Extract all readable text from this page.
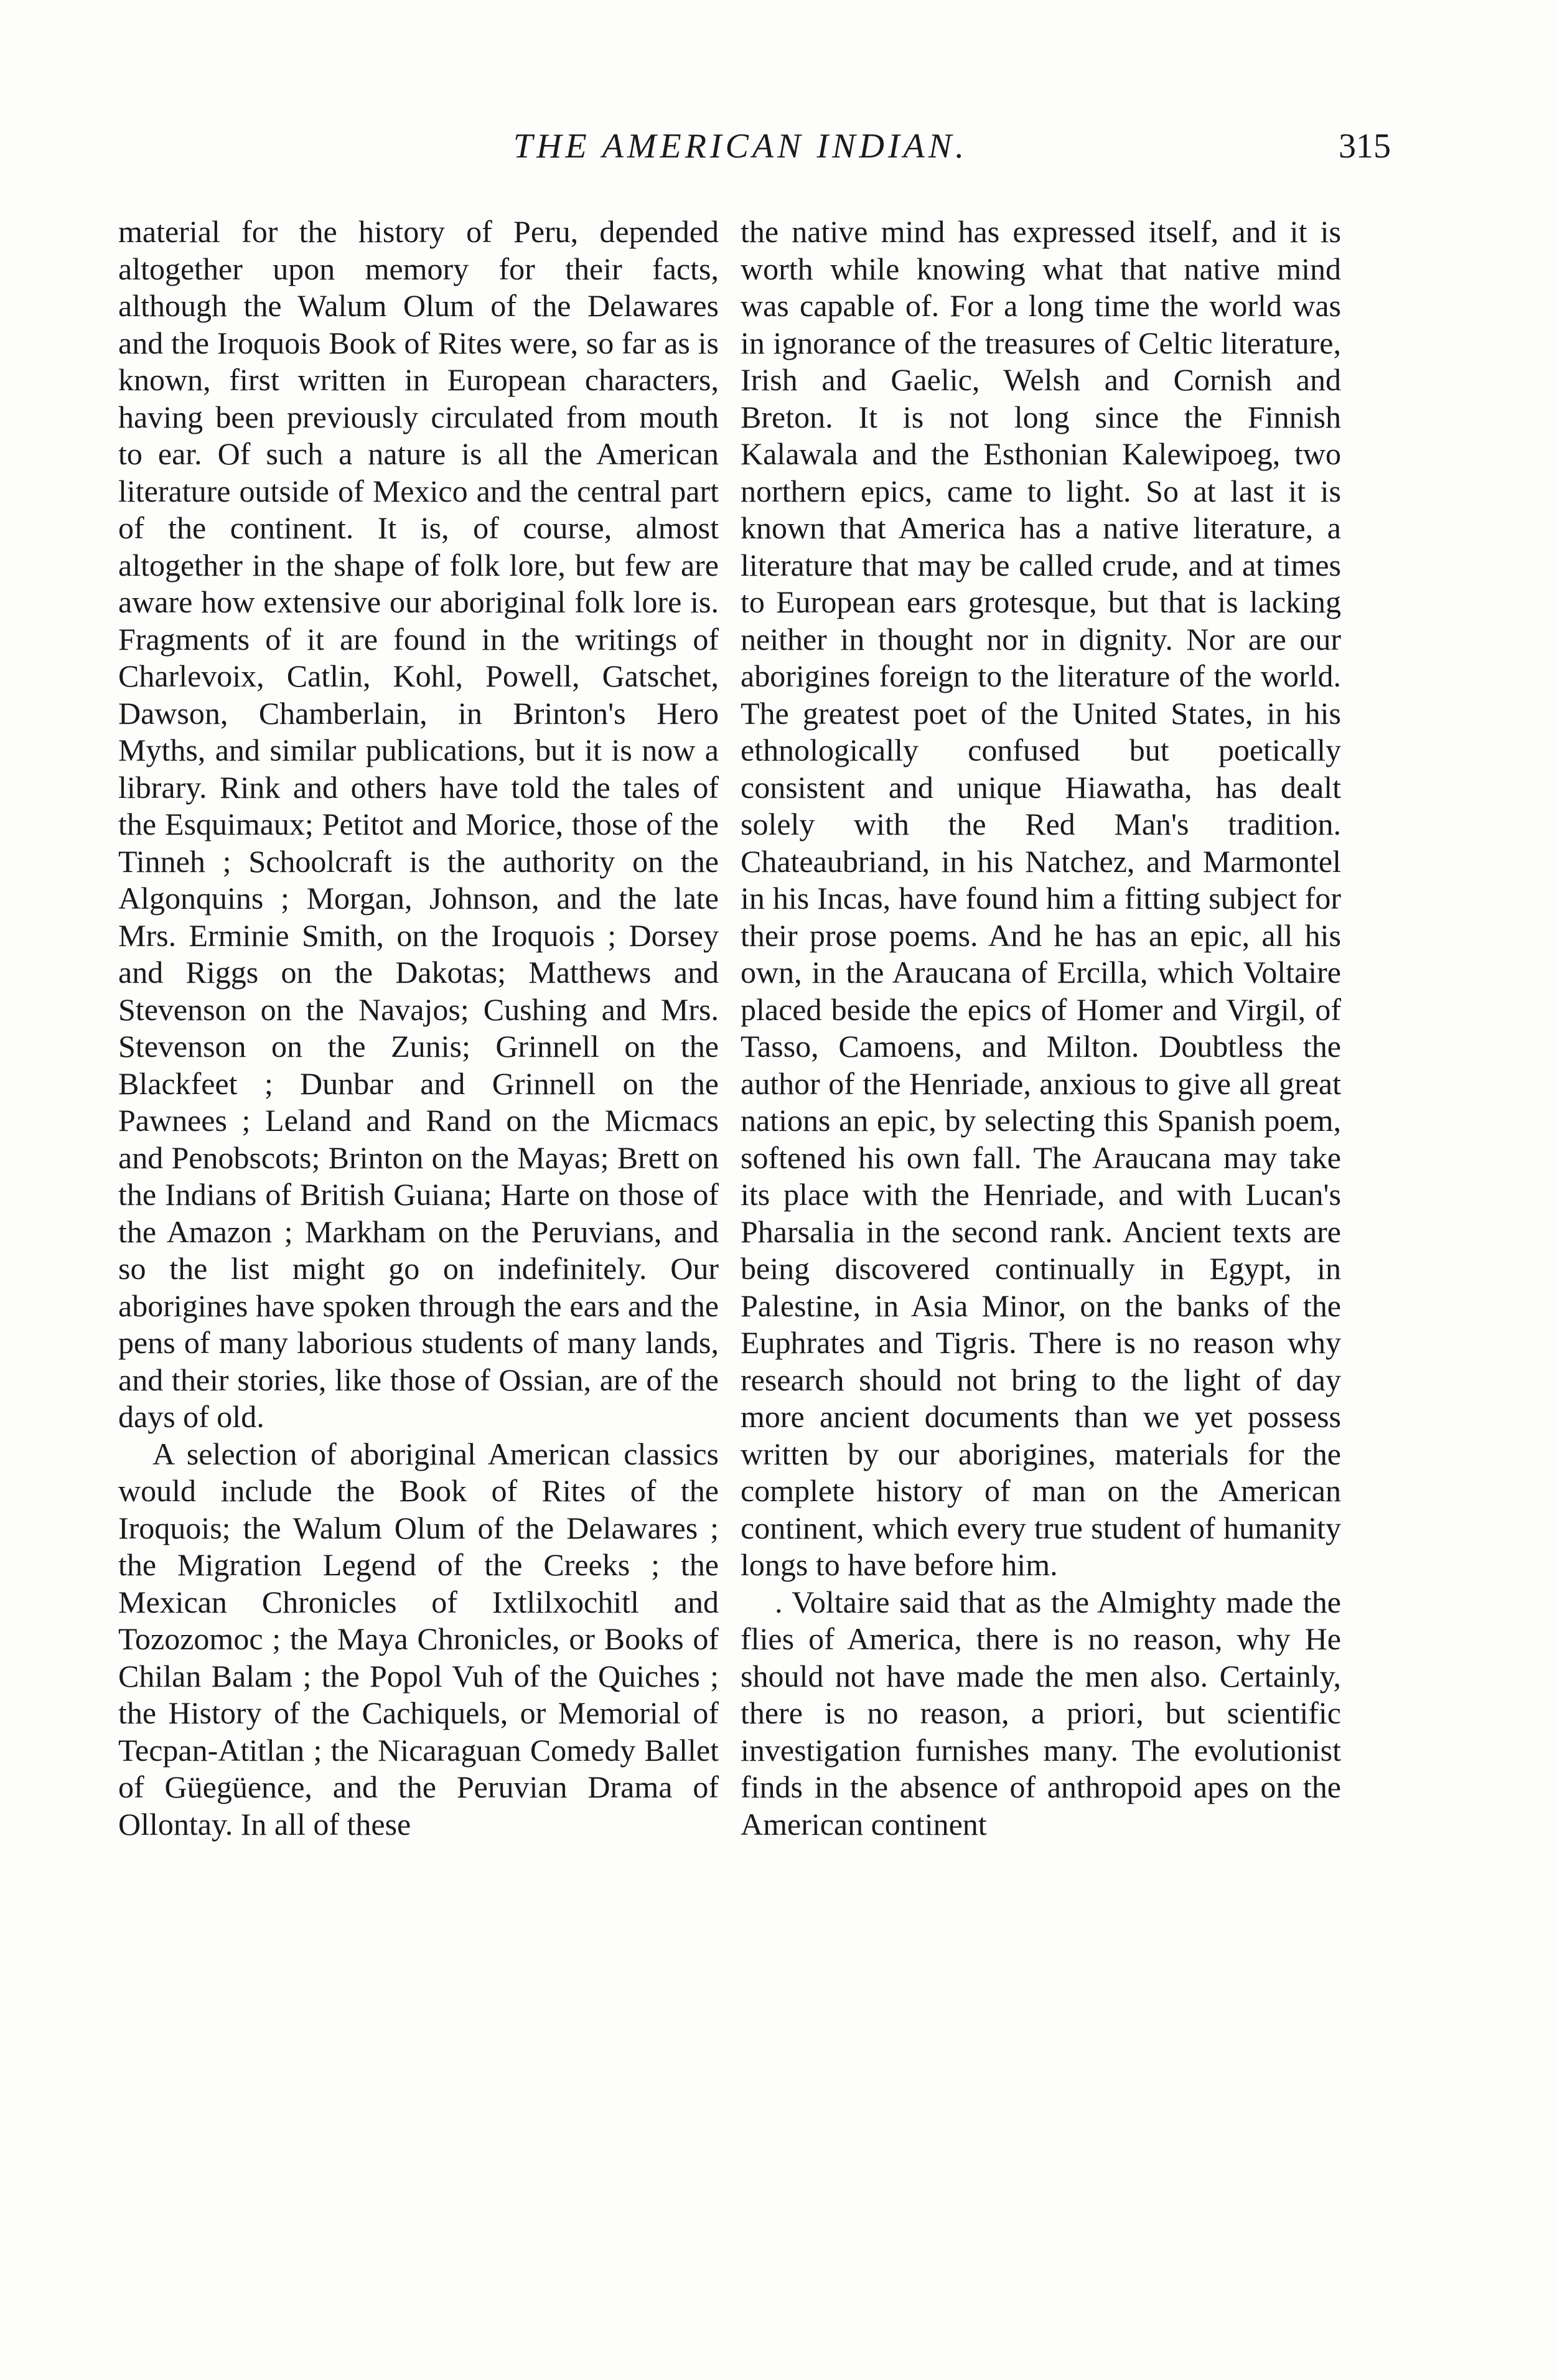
THE AMERICAN INDIAN.	315

material for the history of Peru, depended altogether upon memory for their facts, although the Walum Olum of the Delawares and the Iroquois Book of Rites were, so far as is known, first written in European characters, having been previously circulated from mouth to ear. Of such a nature is all the American literature outside of Mexico and the central part of the continent. It is, of course, almost altogether in the shape of folk lore, but few are aware how extensive our aboriginal folk lore is. Fragments of it are found in the writings of Charlevoix, Catlin, Kohl, Powell, Gatschet, Dawson, Chamberlain, in Brinton's Hero Myths, and similar publications, but it is now a library. Rink and others have told the tales of the Esquimaux; Petitot and Morice, those of the Tinneh ; Schoolcraft is the authority on the Algonquins ; Morgan, Johnson, and the late Mrs. Erminie Smith, on the Iroquois ; Dorsey and Riggs on the Dakotas; Matthews and Stevenson on the Navajos; Cushing and Mrs. Stevenson on the Zunis; Grinnell on the Blackfeet ; Dunbar and Grinnell on the Pawnees ; Leland and Rand on the Micmacs and Penobscots; Brinton on the Mayas; Brett on the Indians of British Guiana; Harte on those of the Amazon ; Markham on the Peruvians, and so the list might go on indefinitely. Our aborigines have spoken through the ears and the pens of many laborious students of many lands, and their stories, like those of Ossian, are of the days of old.

A selection of aboriginal American classics would include the Book of Rites of the Iroquois; the Walum Olum of the Delawares ; the Migration Legend of the Creeks ; the Mexican Chronicles of Ixtlilxochitl and Tozozomoc ; the Maya Chronicles, or Books of Chilan Balam ; the Popol Vuh of the Quiches ; the History of the Cachiquels, or Memorial of Tecpan-Atitlan ; the Nicaraguan Comedy Ballet of Güegüence, and the Peruvian Drama of Ollontay. In all of these

the native mind has expressed itself, and it is worth while knowing what that native mind was capable of. For a long time the world was in ignorance of the treasures of Celtic literature, Irish and Gaelic, Welsh and Cornish and Breton. It is not long since the Finnish Kalawala and the Esthonian Kalewipoeg, two northern epics, came to light. So at last it is known that America has a native literature, a literature that may be called crude, and at times to European ears grotesque, but that is lacking neither in thought nor in dignity. Nor are our aborigines foreign to the literature of the world. The greatest poet of the United States, in his ethnologically confused but poetically consistent and unique Hiawatha, has dealt solely with the Red Man's tradition. Chateaubriand, in his Natchez, and Marmontel in his Incas, have found him a fitting subject for their prose poems. And he has an epic, all his own, in the Araucana of Ercilla, which Voltaire placed beside the epics of Homer and Virgil, of Tasso, Camoens, and Milton. Doubtless the author of the Henriade, anxious to give all great nations an epic, by selecting this Spanish poem, softened his own fall. The Araucana may take its place with the Henriade, and with Lucan's Pharsalia in the second rank. Ancient texts are being discovered continually in Egypt, in Palestine, in Asia Minor, on the banks of the Euphrates and Tigris. There is no reason why research should not bring to the light of day more ancient documents than we yet possess written by our aborigines, materials for the complete history of man on the American continent, which every true student of humanity longs to have before him.

. Voltaire said that as the Almighty made the flies of America, there is no reason, why He should not have made the men also. Certainly, there is no reason, a priori, but scientific investigation furnishes many. The evolutionist finds in the absence of anthropoid apes on the American continent
